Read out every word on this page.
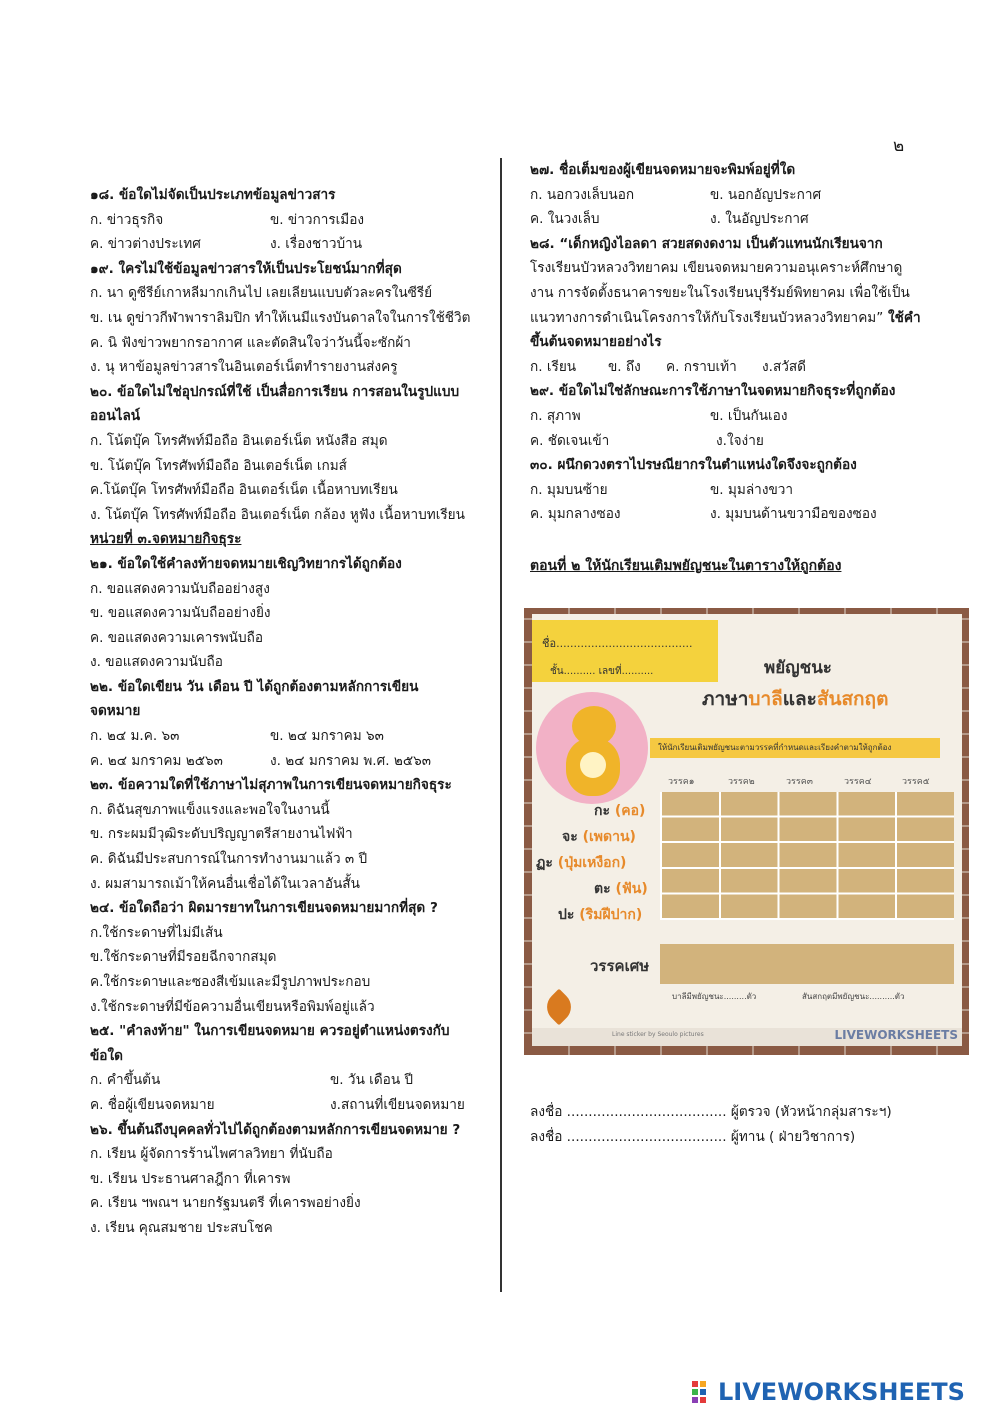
๒
๑๘. ข้อใดไม่จัดเป็นประเภทข้อมูลข่าวสาร
ก. ข่าวธุรกิจ	ข. ข่าวการเมือง
ค. ข่าวต่างประเทศ	ง. เรื่องชาวบ้าน
๑๙. ใครไม่ใช้ข้อมูลข่าวสารให้เป็นประโยชน์มากที่สุด
ก. นา ดูซีรีย์เกาหลีมากเกินไป เลยเลียนแบบตัวละครในซีรีย์
ข. เน ดูข่าวกีฬาพาราลิมปิก ทำให้เนมีแรงบันดาลใจในการใช้ชีวิต
ค. นิ ฟังข่าวพยากรอากาศ และตัดสินใจว่าวันนี้จะซักผ้า
ง. นุ หาข้อมูลข่าวสารในอินเตอร์เน็ตทำรายงานส่งครู
๒๐. ข้อใดไม่ใช่อุปกรณ์ที่ใช้ เป็นสื่อการเรียน การสอนในรูปแบบ
ออนไลน์
ก. โน้ตบุ๊ค โทรศัพท์มือถือ อินเตอร์เน็ต หนังสือ สมุด
ข. โน้ตบุ๊ค โทรศัพท์มือถือ อินเตอร์เน็ต เกมส์
ค.โน้ตบุ๊ค โทรศัพท์มือถือ อินเตอร์เน็ต เนื้อหาบทเรียน
ง. โน้ตบุ๊ค โทรศัพท์มือถือ อินเตอร์เน็ต กล้อง หูฟัง เนื้อหาบทเรียน
หน่วยที่ ๓.จดหมายกิจธุระ
๒๑. ข้อใดใช้คำลงท้ายจดหมายเชิญวิทยากรได้ถูกต้อง
ก. ขอแสดงความนับถืออย่างสูง
ข. ขอแสดงความนับถืออย่างยิ่ง
ค. ขอแสดงความเคารพนับถือ
ง. ขอแสดงความนับถือ
๒๒. ข้อใดเขียน วัน เดือน ปี ได้ถูกต้องตามหลักการเขียน
จดหมาย
ก. ๒๔ ม.ค. ๖๓	ข. ๒๔ มกราคม ๖๓
ค. ๒๔ มกราคม ๒๕๖๓	ง. ๒๔ มกราคม พ.ศ. ๒๕๖๓
๒๓. ข้อความใดที่ใช้ภาษาไม่สุภาพในการเขียนจดหมายกิจธุระ
ก. ดิฉันสุขภาพแข็งแรงและพอใจในงานนี้
ข. กระผมมีวุฒิระดับปริญญาตรีสายงานไฟฟ้า
ค. ดิฉันมีประสบการณ์ในการทำงานมาแล้ว ๓ ปี
ง. ผมสามารถเม้าให้คนอื่นเชื่อได้ในเวลาอันสั้น
๒๔. ข้อใดถือว่า ผิดมารยาทในการเขียนจดหมายมากที่สุด ?
ก.ใช้กระดาษที่ไม่มีเส้น
ข.ใช้กระดาษที่มีรอยฉีกจากสมุด
ค.ใช้กระดาษและซองสีเข้มและมีรูปภาพประกอบ
ง.ใช้กระดาษที่มีข้อความอื่นเขียนหรือพิมพ์อยู่แล้ว
๒๕. "คำลงท้าย" ในการเขียนจดหมาย ควรอยู่ตำแหน่งตรงกับ
ข้อใด
ก. คำขึ้นต้น	ข. วัน เดือน ปี
ค. ชื่อผู้เขียนจดหมาย	ง.สถานที่เขียนจดหมาย
๒๖. ขึ้นต้นถึงบุคคลทั่วไปได้ถูกต้องตามหลักการเขียนจดหมาย ?
ก. เรียน ผู้จัดการร้านไพศาลวิทยา ที่นับถือ
ข. เรียน ประธานศาลฎีกา ที่เคารพ
ค. เรียน ฯพณฯ นายกรัฐมนตรี ที่เคารพอย่างยิ่ง
ง. เรียน คุณสมชาย ประสบโชค
๒๗. ชื่อเต็มของผู้เขียนจดหมายจะพิมพ์อยู่ที่ใด
ก. นอกวงเล็บนอก	ข. นอกอัญประกาศ
ค. ในวงเล็บ	ง. ในอัญประกาศ
๒๘. “เด็กหญิงไอลดา สวยสดงดงาม เป็นตัวแทนนักเรียนจาก
โรงเรียนบัวหลวงวิทยาคม เขียนจดหมายความอนุเคราะห์ศึกษาดู
งาน การจัดตั้งธนาคารขยะในโรงเรียนบุรีรัมย์พิทยาคม เพื่อใช้เป็น
แนวทางการดำเนินโครงการให้กับโรงเรียนบัวหลวงวิทยาคม” ใช้คำ
ขึ้นต้นจดหมายอย่างไร
ก. เรียน	ข. ถึง	ค. กราบเท้า	ง.สวัสดี
๒๙. ข้อใดไม่ใช่ลักษณะการใช้ภาษาในจดหมายกิจธุระที่ถูกต้อง
ก. สุภาพ	ข. เป็นกันเอง
ค. ชัดเจนเข้า	ง.ใจง่าย
๓๐. ผนึกดวงตราไปรษณียากรในตำแหน่งใดจึงจะถูกต้อง
ก. มุมบนซ้าย	ข. มุมล่างขวา
ค. มุมกลางซอง	ง. มุมบนด้านขวามือของซอง
ตอนที่ ๒ ให้นักเรียนเติมพยัญชนะในตารางให้ถูกต้อง
ชื่อ.......................................
ชั้น.......... เลขที่..........	พยัญชนะ
ภาษาบาลีและสันสกฤต
ให้นักเรียนเติมพยัญชนะตามวรรคที่กำหนดและเรียงคำตามให้ถูกต้อง
วรรค๑	วรรค๒	วรรค๓	วรรค๔	วรรค๕
กะ (คอ)
จะ (เพดาน)
ฏะ (ปุ่มเหงือก)
ตะ (ฟัน)
ปะ (ริมฝีปาก)
วรรคเศษ
บาลีมีพยัญชนะ.........ตัว	สันสกฤตมีพยัญชนะ..........ตัว
Line sticker by Seoulo pictures	LIVEWORKSHEETS
ลงชื่อ ..................................... ผู้ตรวจ (หัวหน้ากลุ่มสาระฯ)
ลงชื่อ ..................................... ผู้ทาน ( ฝ่ายวิชาการ)
LIVEWORKSHEETS
